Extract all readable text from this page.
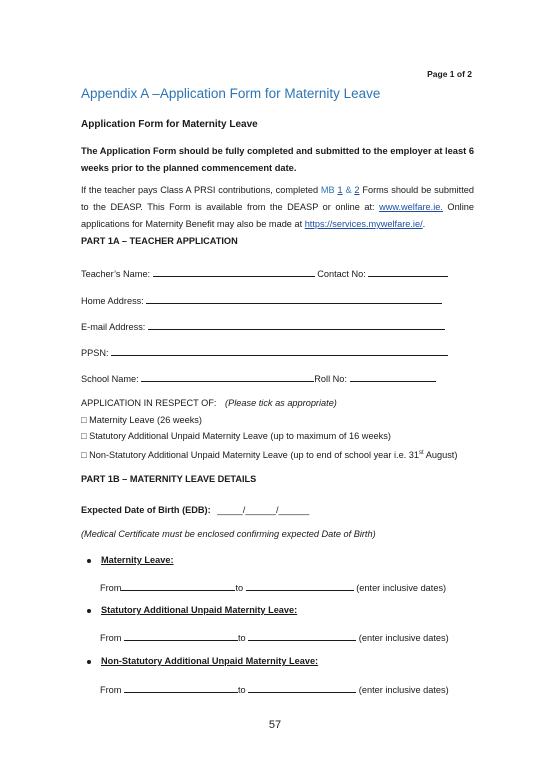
Page 1 of 2
Appendix A –Application Form for Maternity Leave
Application Form for Maternity Leave
The Application Form should be fully completed and submitted to the employer at least 6 weeks prior to the planned commencement date.
If the teacher pays Class A PRSI contributions, completed MB 1 & 2 Forms should be submitted to the DEASP. This Form is available from the DEASP or online at: www.welfare.ie. Online applications for Maternity Benefit may also be made at https://services.mywelfare.ie/.
PART 1A – TEACHER APPLICATION
Teacher’s Name:	Contact No:
Home Address:
E-mail Address:
PPSN:
School Name:	Roll No:
APPLICATION IN RESPECT OF: (Please tick as appropriate)
□ Maternity Leave (26 weeks)
□ Statutory Additional Unpaid Maternity Leave (up to maximum of 16 weeks)
□ Non-Statutory Additional Unpaid Maternity Leave (up to end of school year i.e. 31st August)
PART 1B – MATERNITY LEAVE DETAILS
Expected Date of Birth (EDB): _____/______/______
(Medical Certificate must be enclosed confirming expected Date of Birth)
Maternity Leave:
From	to	(enter inclusive dates)
Statutory Additional Unpaid Maternity Leave:
From	to	(enter inclusive dates)
Non-Statutory Additional Unpaid Maternity Leave:
From	to	(enter inclusive dates)
57
